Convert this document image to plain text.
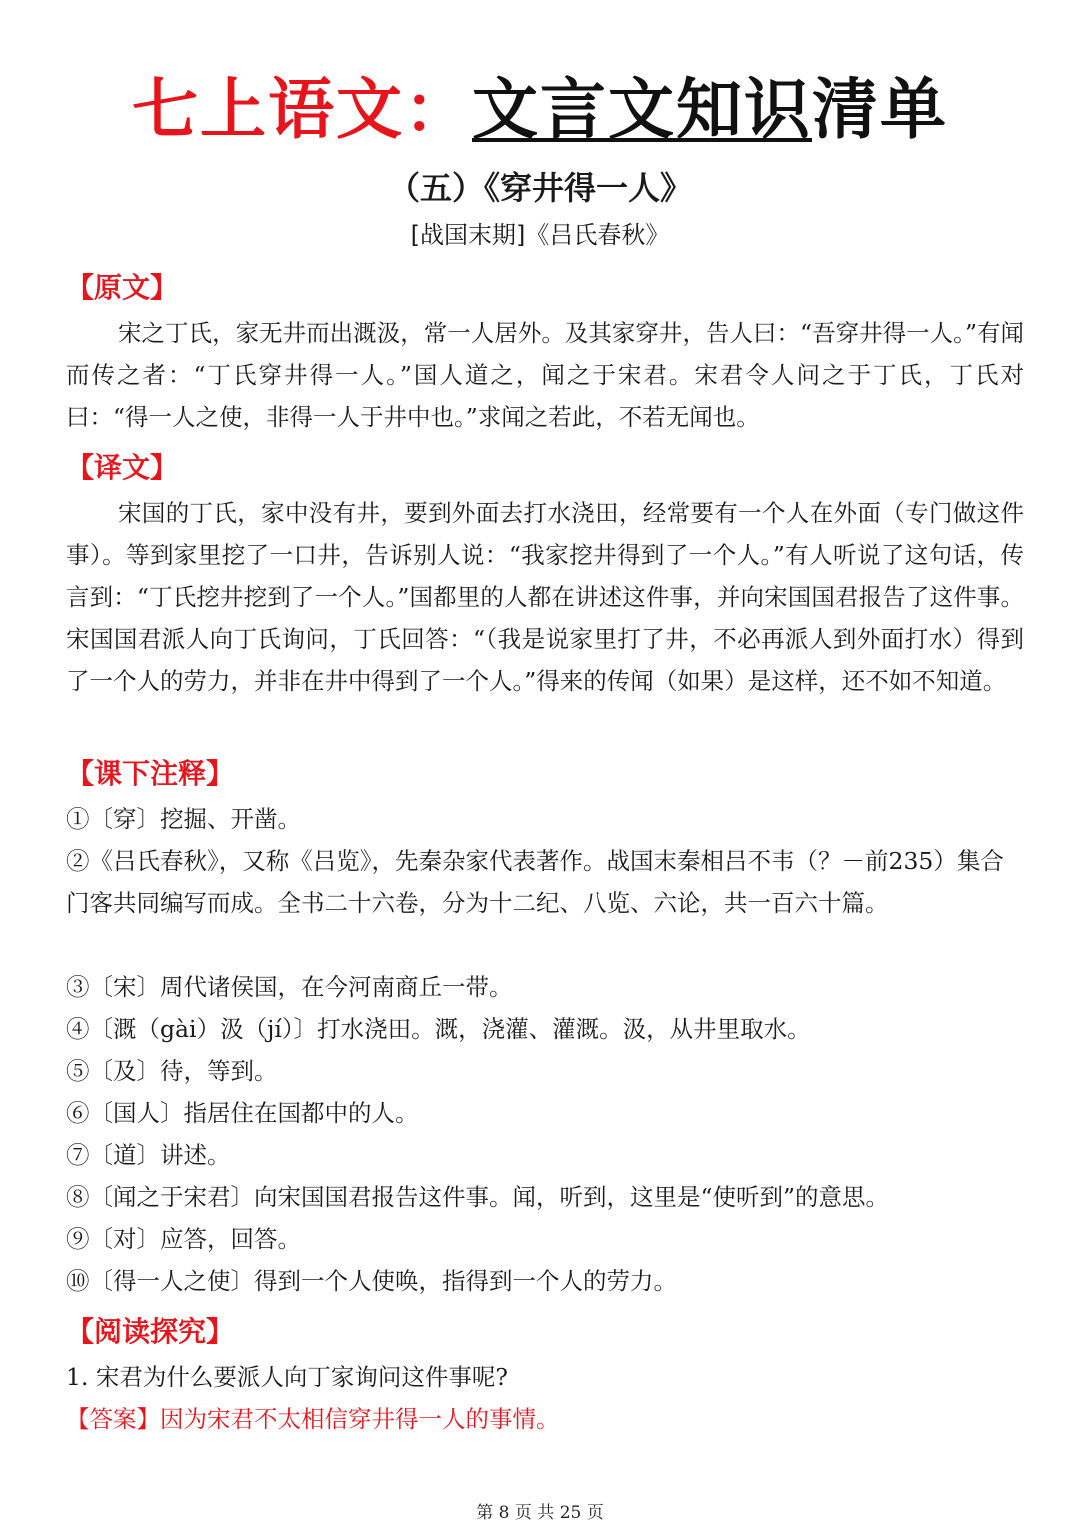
七上语文：文言文知识清单
（五）《穿井得一人》
[战国末期]《吕氏春秋》
【原文】
宋之丁氏，家无井而出溉汲，常一人居外。及其家穿井，告人曰：“吾穿井得一人。”有闻而传之者：“丁氏穿井得一人。”国人道之，闻之于宋君。宋君令人问之于丁氏，丁氏对曰：“得一人之使，非得一人于井中也。”求闻之若此，不若无闻也。
【译文】
宋国的丁氏，家中没有井，要到外面去打水浇田，经常要有一个人在外面（专门做这件事）。等到家里挖了一口井，告诉别人说：“我家挖井得到了一个人。”有人听说了这句话，传言到：“丁氏挖井挖到了一个人。”国都里的人都在讲述这件事，并向宋国国君报告了这件事。宋国国君派人向丁氏询问，丁氏回答：“（我是说家里打了井，不必再派人到外面打水）得到了一个人的劳力，并非在井中得到了一个人。”得来的传闻（如果）是这样，还不如不知道。
【课下注释】
①〔穿〕挖掘、开凿。
②《吕氏春秋》，又称《吕览》，先秦杂家代表著作。战国末秦相吕不韦（？－前235）集合门客共同编写而成。全书二十六卷，分为十二纪、八览、六论，共一百六十篇。
③〔宋〕周代诸侯国，在今河南商丘一带。
④〔溉（gài）汲（jí）〕打水浇田。溉，浇灌、灌溉。汲，从井里取水。
⑤〔及〕待，等到。
⑥〔国人〕指居住在国都中的人。
⑦〔道〕讲述。
⑧〔闻之于宋君〕向宋国国君报告这件事。闻，听到，这里是“使听到”的意思。
⑨〔对〕应答，回答。
⑩〔得一人之使〕得到一个人使唤，指得到一个人的劳力。
【阅读探究】
1. 宋君为什么要派人向丁家询问这件事呢?
【答案】因为宋君不太相信穿井得一人的事情。
第 8 页 共 25 页
